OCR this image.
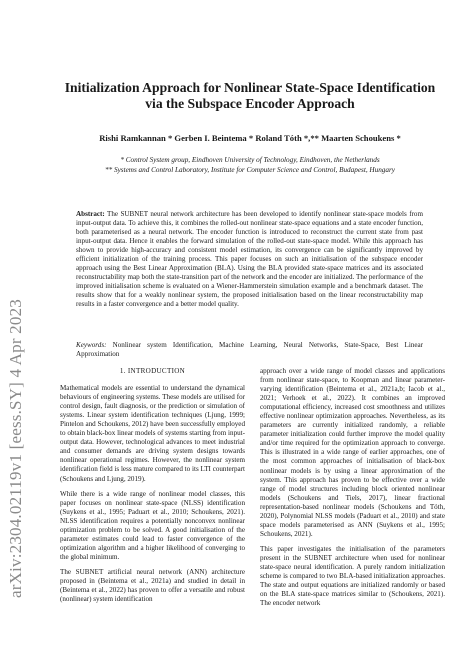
arXiv:2304.02119v1 [eess.SY] 4 Apr 2023
Initialization Approach for Nonlinear State-Space Identification via the Subspace Encoder Approach
Rishi Ramkannan * Gerben I. Beintema * Roland Tóth *,** Maarten Schoukens *
* Control System group, Eindhoven University of Technology, Eindhoven, the Netherlands
** Systems and Control Laboratory, Institute for Computer Science and Control, Budapest, Hungary
Abstract: The SUBNET neural network architecture has been developed to identify nonlinear state-space models from input-output data. To achieve this, it combines the rolled-out nonlinear state-space equations and a state encoder function, both parameterised as a neural network. The encoder function is introduced to reconstruct the current state from past input-output data. Hence it enables the forward simulation of the rolled-out state-space model. While this approach has shown to provide high-accuracy and consistent model estimation, its convergence can be significantly improved by efficient initialization of the training process. This paper focuses on such an initialisation of the subspace encoder approach using the Best Linear Approximation (BLA). Using the BLA provided state-space matrices and its associated reconstructability map both the state-transition part of the network and the encoder are initialized. The performance of the improved initialisation scheme is evaluated on a Wiener-Hammerstein simulation example and a benchmark dataset. The results show that for a weakly nonlinear system, the proposed initialisation based on the linear reconstructability map results in a faster convergence and a better model quality.
Keywords: Nonlinear system Identification, Machine Learning, Neural Networks, State-Space, Best Linear Approximation
1. INTRODUCTION

Mathematical models are essential to understand the dynamical behaviours of engineering systems. These models are utilised for control design, fault diagnosis, or the prediction or simulation of systems. Linear system identification techniques (Ljung, 1999; Pintelon and Schoukens, 2012) have been successfully employed to obtain black-box linear models of systems starting from input-output data. However, technological advances to meet industrial and consumer demands are driving system designs towards nonlinear operational regimes. However, the nonlinear system identification field is less mature compared to its LTI counterpart (Schoukens and Ljung, 2019).

While there is a wide range of nonlinear model classes, this paper focuses on nonlinear state-space (NLSS) identification (Suykens et al., 1995; Paduart et al., 2010; Schoukens, 2021). NLSS identification requires a potentially nonconvex nonlinear optimization problem to be solved. A good initialisation of the parameter estimates could lead to faster convergence of the optimization algorithm and a higher likelihood of converging to the global minimum.

The SUBNET artificial neural network (ANN) architecture proposed in (Beintema et al., 2021a) and studied in detail in (Beintema et al., 2022) has proven to offer a versatile and robust (nonlinear) system identification

approach over a wide range of model classes and applications from nonlinear state-space, to Koopman and linear parameter-varying identification (Beintema et al., 2021a,b; Iacob et al., 2021; Verhoek et al., 2022). It combines an improved computational efficiency, increased cost smoothness and utilizes effective nonlinear optimization approaches. Nevertheless, as its parameters are currently initialized randomly, a reliable parameter initialization could further improve the model quality and/or time required for the optimization approach to converge. This is illustrated in a wide range of earlier approaches, one of the most common approaches of initialisation of black-box nonlinear models is by using a linear approximation of the system. This approach has proven to be effective over a wide range of model structures including block oriented nonlinear models (Schoukens and Tiels, 2017), linear fractional representation-based nonlinear models (Schoukens and Tóth, 2020), Polynomial NLSS models (Paduart et al., 2010) and state space models parameterised as ANN (Suykens et al., 1995; Schoukens, 2021).

This paper investigates the initialisation of the parameters present in the SUBNET architecture when used for nonlinear state-space neural identification. A purely random initialization scheme is compared to two BLA-based initialization approaches. The state and output equations are initialized randomly or based on the BLA state-space matrices similar to (Schoukens, 2021). The encoder network
